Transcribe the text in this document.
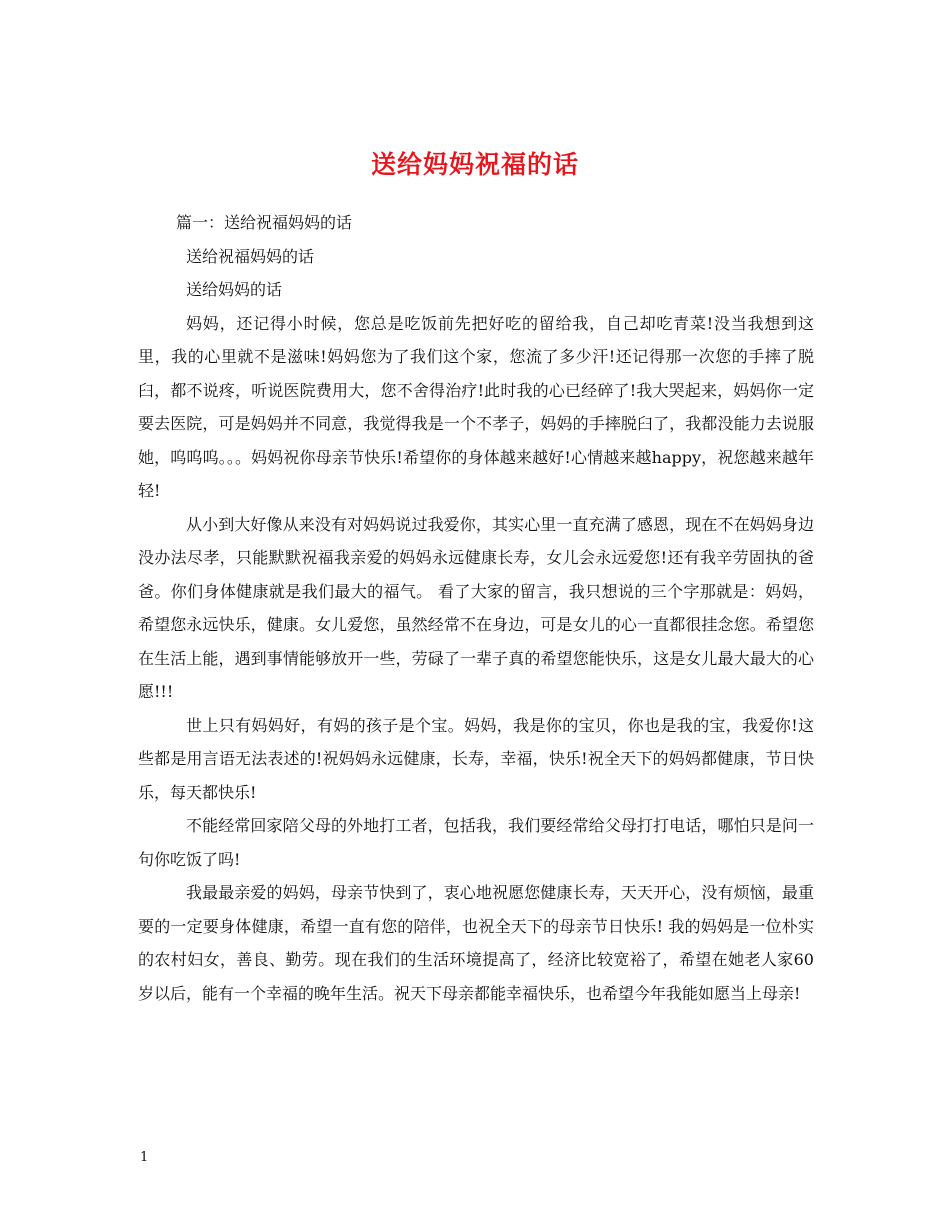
送给妈妈祝福的话

篇一：送给祝福妈妈的话

送给祝福妈妈的话

送给妈妈的话

妈妈，还记得小时候，您总是吃饭前先把好吃的留给我，自己却吃青菜!没当我想到这里，我的心里就不是滋味!妈妈您为了我们这个家，您流了多少汗!还记得那一次您的手摔了脱臼，都不说疼，听说医院费用大，您不舍得治疗!此时我的心已经碎了!我大哭起来，妈妈你一定要去医院，可是妈妈并不同意，我觉得我是一个不孝子，妈妈的手摔脱臼了，我都没能力去说服她，呜呜呜。。。妈妈祝你母亲节快乐!希望你的身体越来越好!心情越来越happy，祝您越来越年轻!

从小到大好像从来没有对妈妈说过我爱你，其实心里一直充满了感恩，现在不在妈妈身边没办法尽孝，只能默默祝福我亲爱的妈妈永远健康长寿，女儿会永远爱您!还有我辛劳固执的爸爸。你们身体健康就是我们最大的福气。 看了大家的留言，我只想说的三个字那就是：妈妈，希望您永远快乐，健康。女儿爱您，虽然经常不在身边，可是女儿的心一直都很挂念您。希望您在生活上能，遇到事情能够放开一些，劳碌了一辈子真的希望您能快乐，这是女儿最大最大的心愿!!!

世上只有妈妈好，有妈的孩子是个宝。妈妈，我是你的宝贝，你也是我的宝，我爱你!这些都是用言语无法表述的!祝妈妈永远健康，长寿，幸福，快乐!祝全天下的妈妈都健康，节日快乐，每天都快乐!

不能经常回家陪父母的外地打工者，包括我，我们要经常给父母打打电话，哪怕只是问一句你吃饭了吗!

我最最亲爱的妈妈，母亲节快到了，衷心地祝愿您健康长寿，天天开心，没有烦恼，最重要的一定要身体健康，希望一直有您的陪伴，也祝全天下的母亲节日快乐! 我的妈妈是一位朴实的农村妇女，善良、勤劳。现在我们的生活环境提高了，经济比较宽裕了，希望在她老人家60岁以后，能有一个幸福的晚年生活。祝天下母亲都能幸福快乐，也希望今年我能如愿当上母亲!

1
